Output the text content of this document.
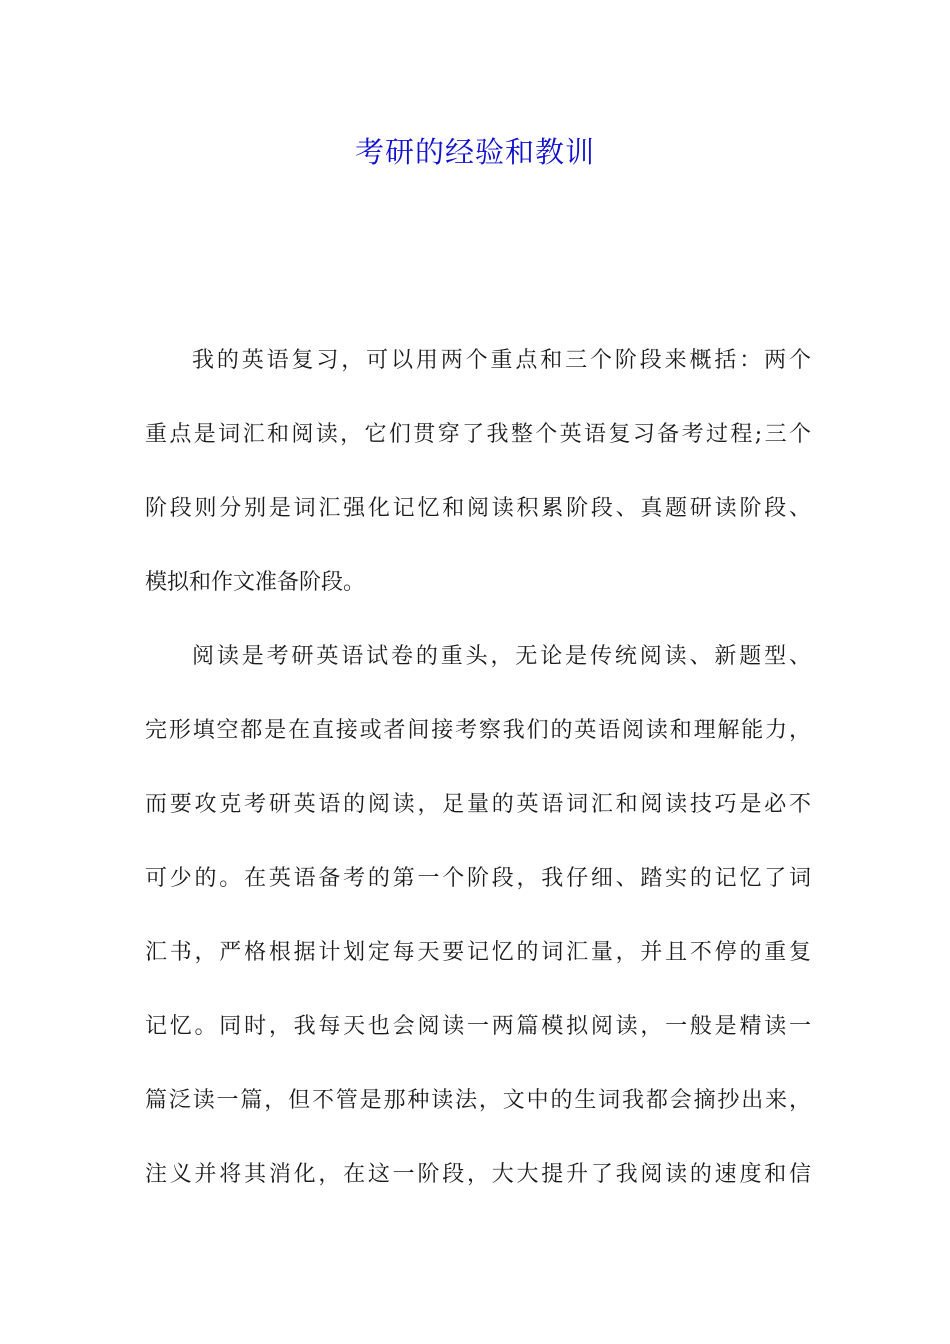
考研的经验和教训
我的英语复习，可以用两个重点和三个阶段来概括：两个
重点是词汇和阅读，它们贯穿了我整个英语复习备考过程;三个
阶段则分别是词汇强化记忆和阅读积累阶段、真题研读阶段、
模拟和作文准备阶段。
阅读是考研英语试卷的重头，无论是传统阅读、新题型、
完形填空都是在直接或者间接考察我们的英语阅读和理解能力，
而要攻克考研英语的阅读，足量的英语词汇和阅读技巧是必不
可少的。在英语备考的第一个阶段，我仔细、踏实的记忆了词
汇书，严格根据计划定每天要记忆的词汇量，并且不停的重复
记忆。同时，我每天也会阅读一两篇模拟阅读，一般是精读一
篇泛读一篇，但不管是那种读法，文中的生词我都会摘抄出来，
注义并将其消化，在这一阶段，大大提升了我阅读的速度和信
